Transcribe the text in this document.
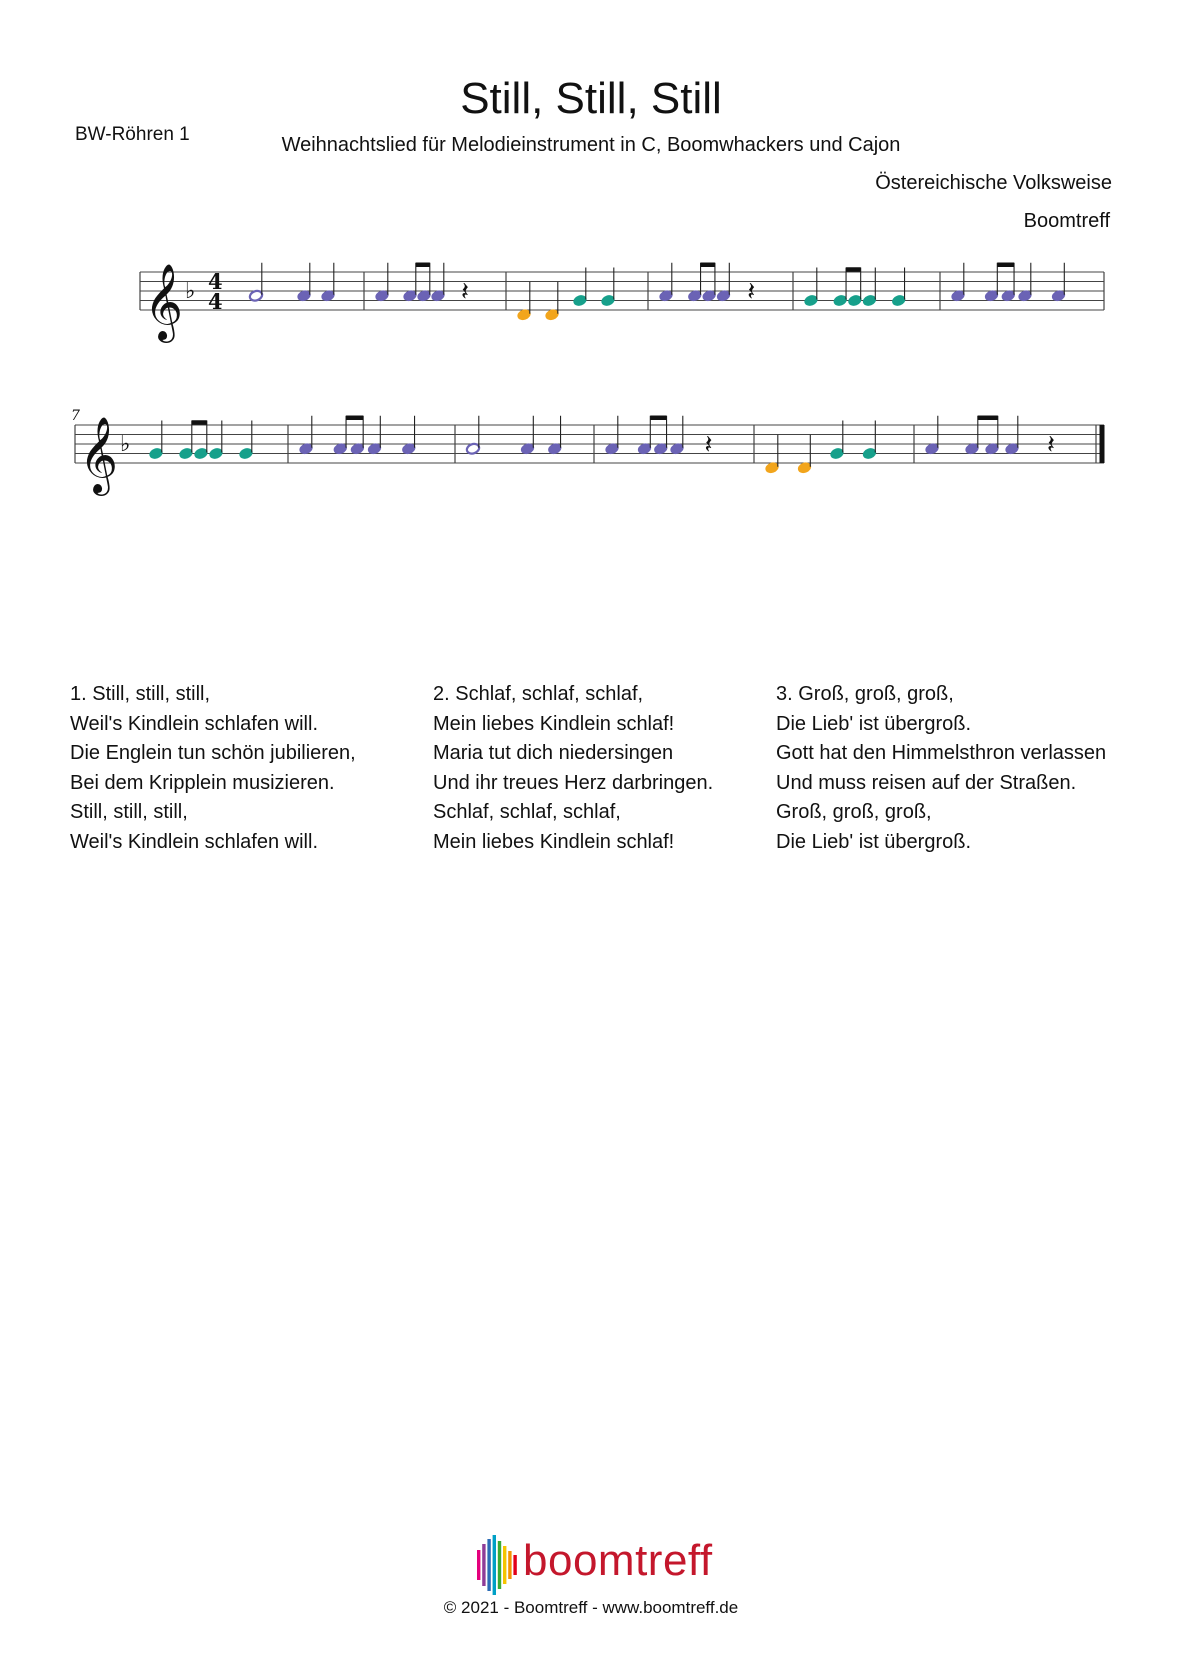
Still, Still, Still
BW-Röhren 1	Weihnachtslied für Melodieinstrument in C, Boomwhackers und Cajon
Östereichische Volksweise
Boomtreff
𝄞 ♭ 4
4	𝄽	𝄽
𝄞 ♭
7
𝄽	𝄽
1. Still, still, still,
Weil's Kindlein schlafen will.
Die Englein tun schön jubilieren,
Bei dem Kripplein musizieren.
Still, still, still,
Weil's Kindlein schlafen will.
2. Schlaf, schlaf, schlaf,
Mein liebes Kindlein schlaf!
Maria tut dich niedersingen
Und ihr treues Herz darbringen.
Schlaf, schlaf, schlaf,
Mein liebes Kindlein schlaf!
3. Groß, groß, groß,
Die Lieb' ist übergroß.
Gott hat den Himmelsthron verlassen
Und muss reisen auf der Straßen.
Groß, groß, groß,
Die Lieb' ist übergroß.
boomtreff
© 2021 - Boomtreff - www.boomtreff.de
